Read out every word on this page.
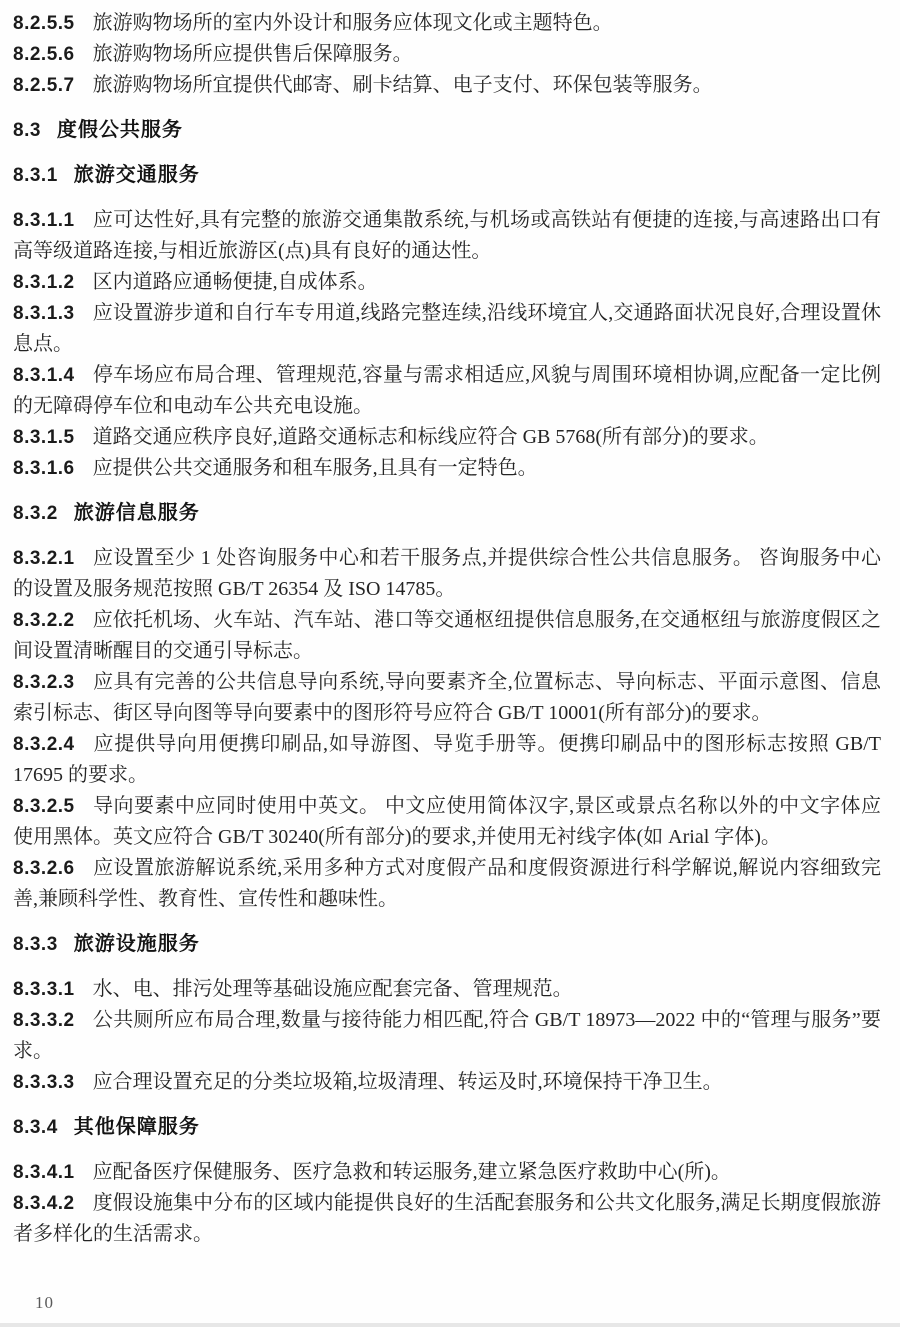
8.2.5.5 旅游购物场所的室内外设计和服务应体现文化或主题特色。

8.2.5.6 旅游购物场所应提供售后保障服务。

8.2.5.7 旅游购物场所宜提供代邮寄、刷卡结算、电子支付、环保包装等服务。

8.3 度假公共服务
8.3.1 旅游交通服务

8.3.1.1 应可达性好,具有完整的旅游交通集散系统,与机场或高铁站有便捷的连接,与高速路出口有高等级道路连接,与相近旅游区(点)具有良好的通达性。

8.3.1.2 区内道路应通畅便捷,自成体系。

8.3.1.3 应设置游步道和自行车专用道,线路完整连续,沿线环境宜人,交通路面状况良好,合理设置休息点。

8.3.1.4 停车场应布局合理、管理规范,容量与需求相适应,风貌与周围环境相协调,应配备一定比例的无障碍停车位和电动车公共充电设施。

8.3.1.5 道路交通应秩序良好,道路交通标志和标线应符合 GB 5768(所有部分)的要求。

8.3.1.6 应提供公共交通服务和租车服务,且具有一定特色。

8.3.2 旅游信息服务

8.3.2.1 应设置至少 1 处咨询服务中心和若干服务点,并提供综合性公共信息服务。 咨询服务中心的设置及服务规范按照 GB/T 26354 及 ISO 14785。

8.3.2.2 应依托机场、火车站、汽车站、港口等交通枢纽提供信息服务,在交通枢纽与旅游度假区之间设置清晰醒目的交通引导标志。

8.3.2.3 应具有完善的公共信息导向系统,导向要素齐全,位置标志、导向标志、平面示意图、信息索引标志、街区导向图等导向要素中的图形符号应符合 GB/T 10001(所有部分)的要求。

8.3.2.4 应提供导向用便携印刷品,如导游图、导览手册等。便携印刷品中的图形标志按照 GB/T 17695 的要求。

8.3.2.5 导向要素中应同时使用中英文。 中文应使用简体汉字,景区或景点名称以外的中文字体应使用黑体。英文应符合 GB/T 30240(所有部分)的要求,并使用无衬线字体(如 Arial 字体)。

8.3.2.6 应设置旅游解说系统,采用多种方式对度假产品和度假资源进行科学解说,解说内容细致完善,兼顾科学性、教育性、宣传性和趣味性。

8.3.3 旅游设施服务

8.3.3.1 水、电、排污处理等基础设施应配套完备、管理规范。

8.3.3.2 公共厕所应布局合理,数量与接待能力相匹配,符合 GB/T 18973—2022 中的“管理与服务”要求。

8.3.3.3 应合理设置充足的分类垃圾箱,垃圾清理、转运及时,环境保持干净卫生。

8.3.4 其他保障服务

8.3.4.1 应配备医疗保健服务、医疗急救和转运服务,建立紧急医疗救助中心(所)。

8.3.4.2 度假设施集中分布的区域内能提供良好的生活配套服务和公共文化服务,满足长期度假旅游者多样化的生活需求。

10
